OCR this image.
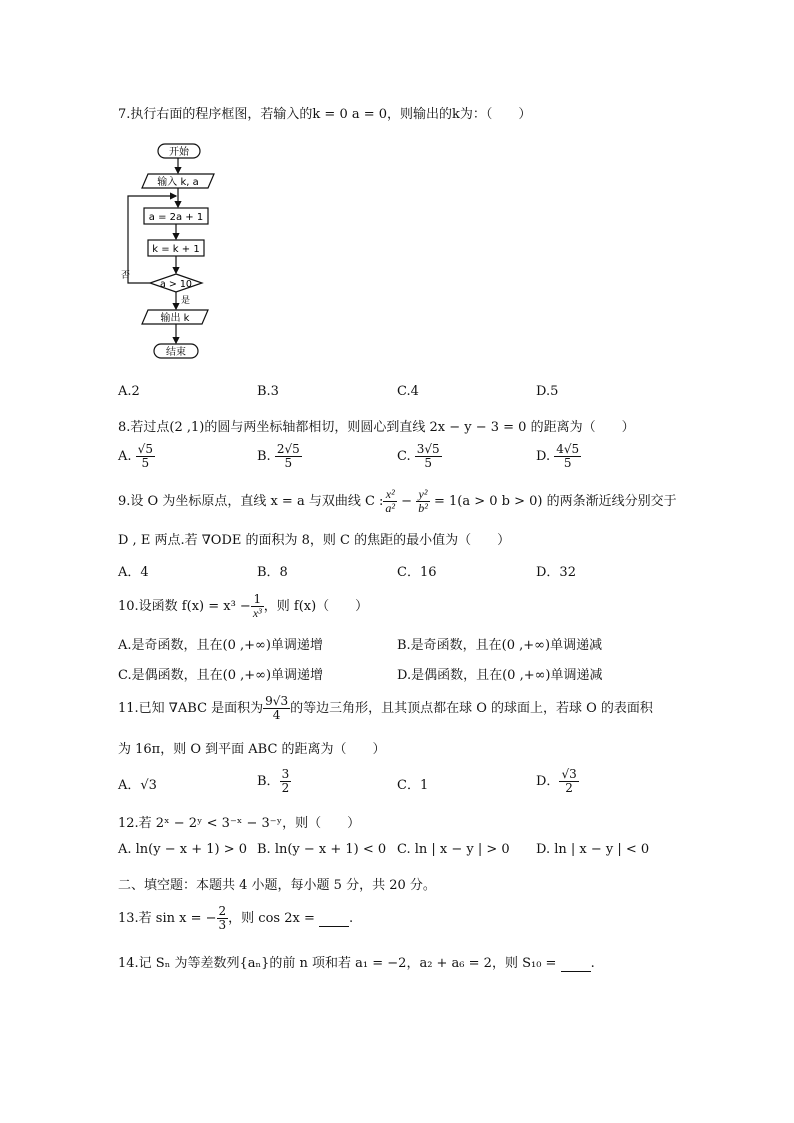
7.执行右面的程序框图，若输入的k = 0 a = 0，则输出的k为：（　　）
开始
输入 k, a
a = 2a + 1
k = k + 1
a > 10
否
是
输出 k
结束
A.2	B.3	C.4	D.5
8.若过点(2 ,1)的圆与两坐标轴都相切，则圆心到直线 2x − y − 3 = 0 的距离为（　　）
A. $\frac{√5}{5}$	B. $\frac{2√5}{5}$	C. $\frac{3√5}{5}$	D. $\frac{4√5}{5}$
9.设 O 为坐标原点，直线 x = a 与双曲线 C : $\frac{\text{x²}}{\text{a²}} - \frac{\text{y²}}{\text{b²}} = 1(a > 0$ b > 0) 的两条渐近线分别交于
D , E 两点.若 ∇ODE 的面积为 8，则 C 的焦距的最小值为（　　）
A．4	B．8	C．16	D．32
10.设函数 $f(x) = x^3 - \frac{1}{\text{x³}}$ ，则 f(x)（　　）
A.是奇函数，且在(0 ,+∞)单调递增	B.是奇函数，且在(0 ,+∞)单调递减
C.是偶函数，且在(0 ,+∞)单调递增	D.是偶函数，且在(0 ,+∞)单调递减
11.已知 ∇ABC 是面积为 $\frac{9√3}{4}$ 的等边三角形，且其顶点都在球 O 的球面上，若球 O 的表面积
为 16π，则 O 到平面 ABC 的距离为（　　）
A．√3	B． $\frac{3}{2}$	C．1	D． $\frac{√3}{2}$
12.若 2ˣ − 2ʸ < 3⁻ˣ − 3⁻ʸ，则（　　）
A. ln(y − x + 1) > 0 B. ln(y − x + 1) < 0 C. ln | x − y | > 0 D. ln | x − y | < 0
二、填空题：本题共 4 小题，每小题 5 分，共 20 分。
13.若 sin x = − $\frac{2}{3}$ ，则 cos 2x =	.
14.记 Sₙ 为等差数列{aₙ}的前 n 项和若 a₁ = −2，a₂ + a₆ = 2，则 S₁₀ =	.
